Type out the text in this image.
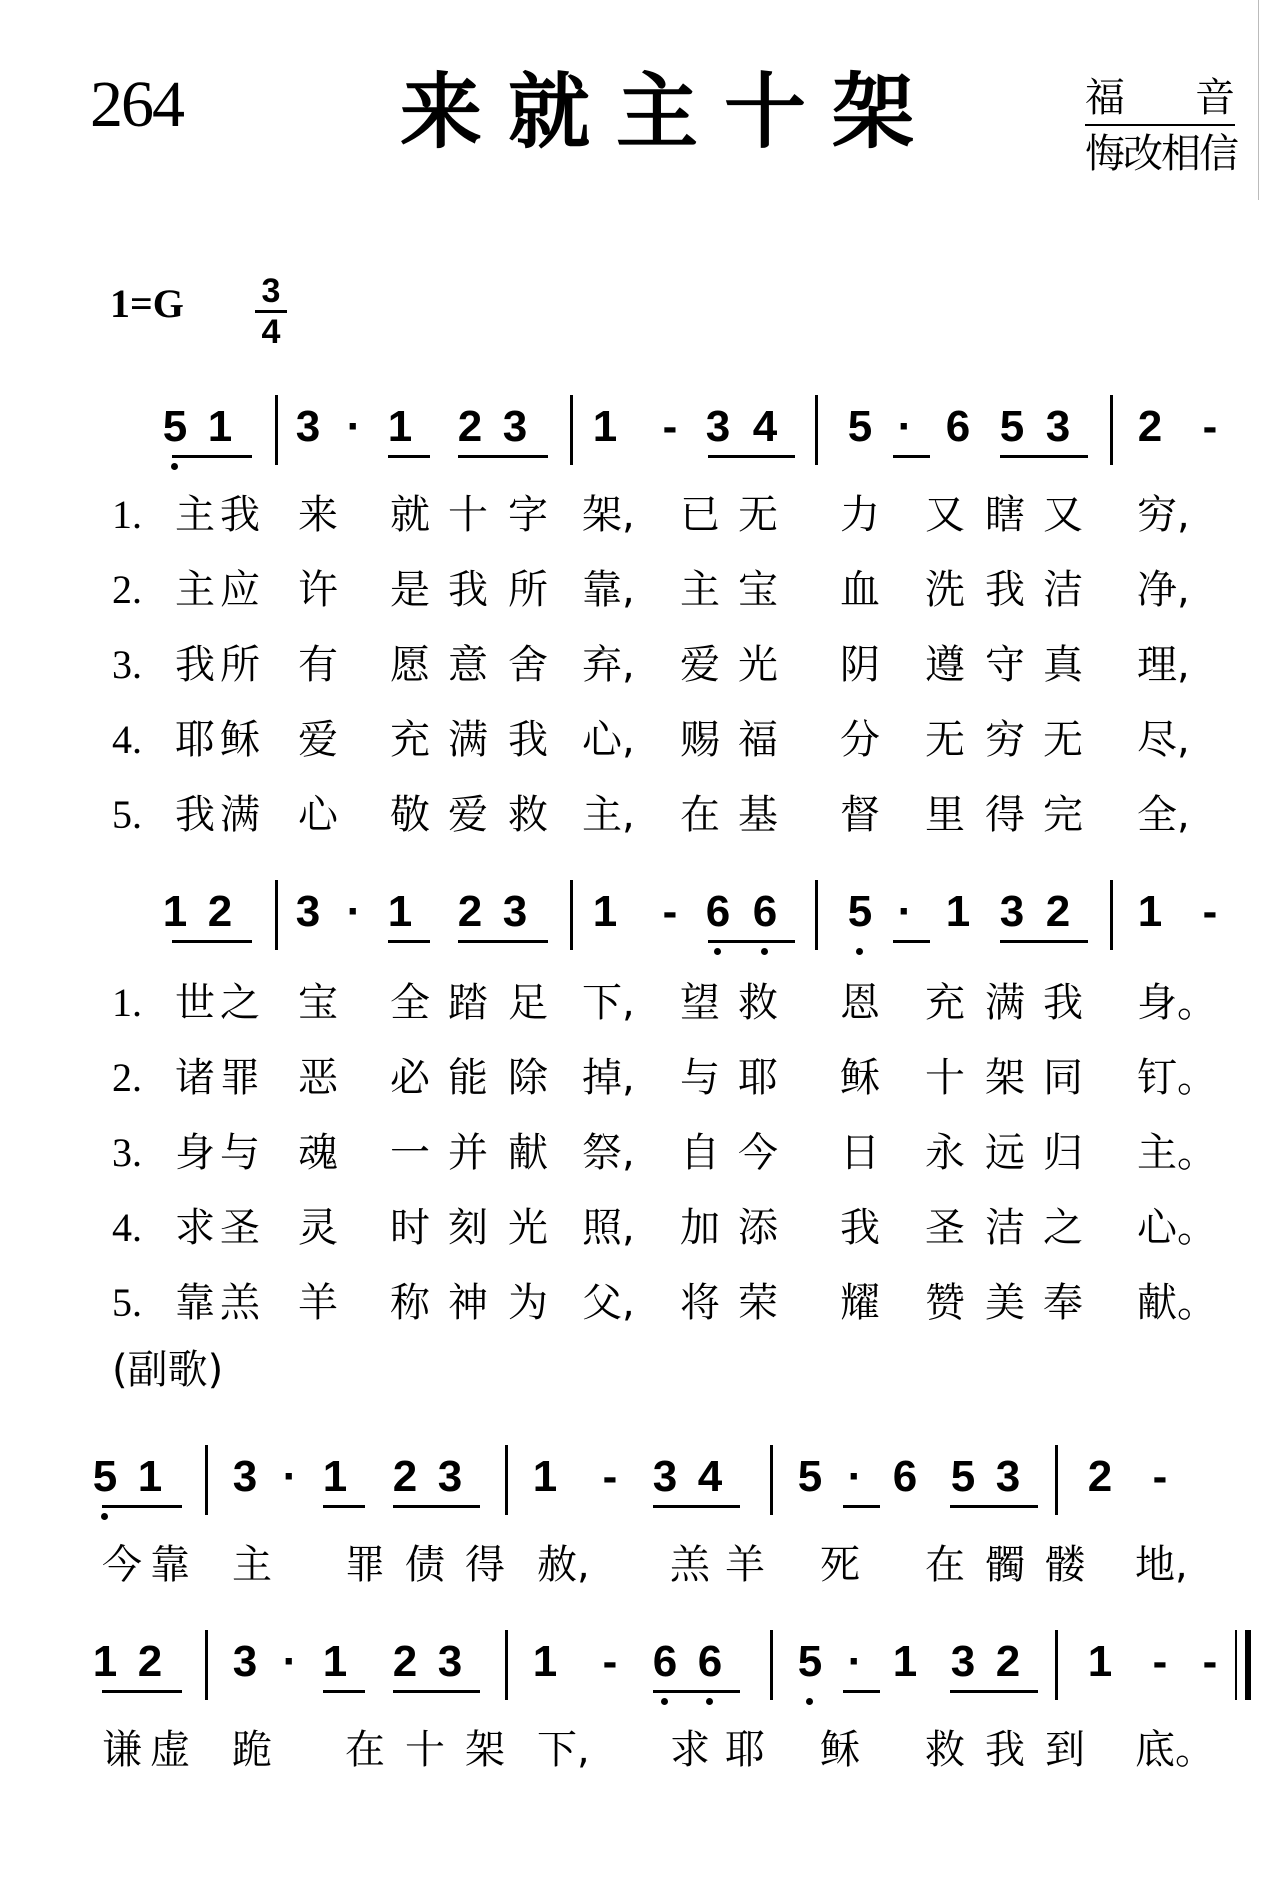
264	来就主十架	福 音
悔改相信
1=G 3
4
5 1 3 · 1 2 3 1 - 3 4 5 · 6 5 3 2 -
1 2 3 · 1 2 3 1 - 6 6 5 · 1 3 2 1 -
5 1 3 · 1 2 3 1 - 3 4 5 · 6 5 3 2 -
1 2 3 · 1 2 3 1 - 6 6 5 · 1 3 2 1 - -
1. 主 我 来 就 十 字 架, 已 无 力 又 瞎 又 穷,
2. 主 应 许 是 我 所 靠, 主 宝 血 洗 我 洁 净,
3. 我 所 有 愿 意 舍 弃, 爱 光 阴 遵 守 真 理,
4. 耶 稣 爱 充 满 我 心, 赐 福 分 无 穷 无 尽,
5. 我 满 心 敬 爱 救 主, 在 基 督 里 得 完 全,
1. 世 之 宝 全 踏 足 下, 望 救 恩 充 满 我 身。
2. 诸 罪 恶 必 能 除 掉, 与 耶 稣 十 架 同 钉。
3. 身 与 魂 一 并 献 祭, 自 今 日 永 远 归 主。
4. 求 圣 灵 时 刻 光 照, 加 添 我 圣 洁 之 心。
5. 靠 羔 羊 称 神 为 父, 将 荣 耀 赞 美 奉 献。
今 靠 主 罪 债 得 赦, 羔 羊 死 在 髑 髅 地,
谦 虚 跪 在 十 架 下, 求 耶 稣 救 我 到 底。
(副歌)
